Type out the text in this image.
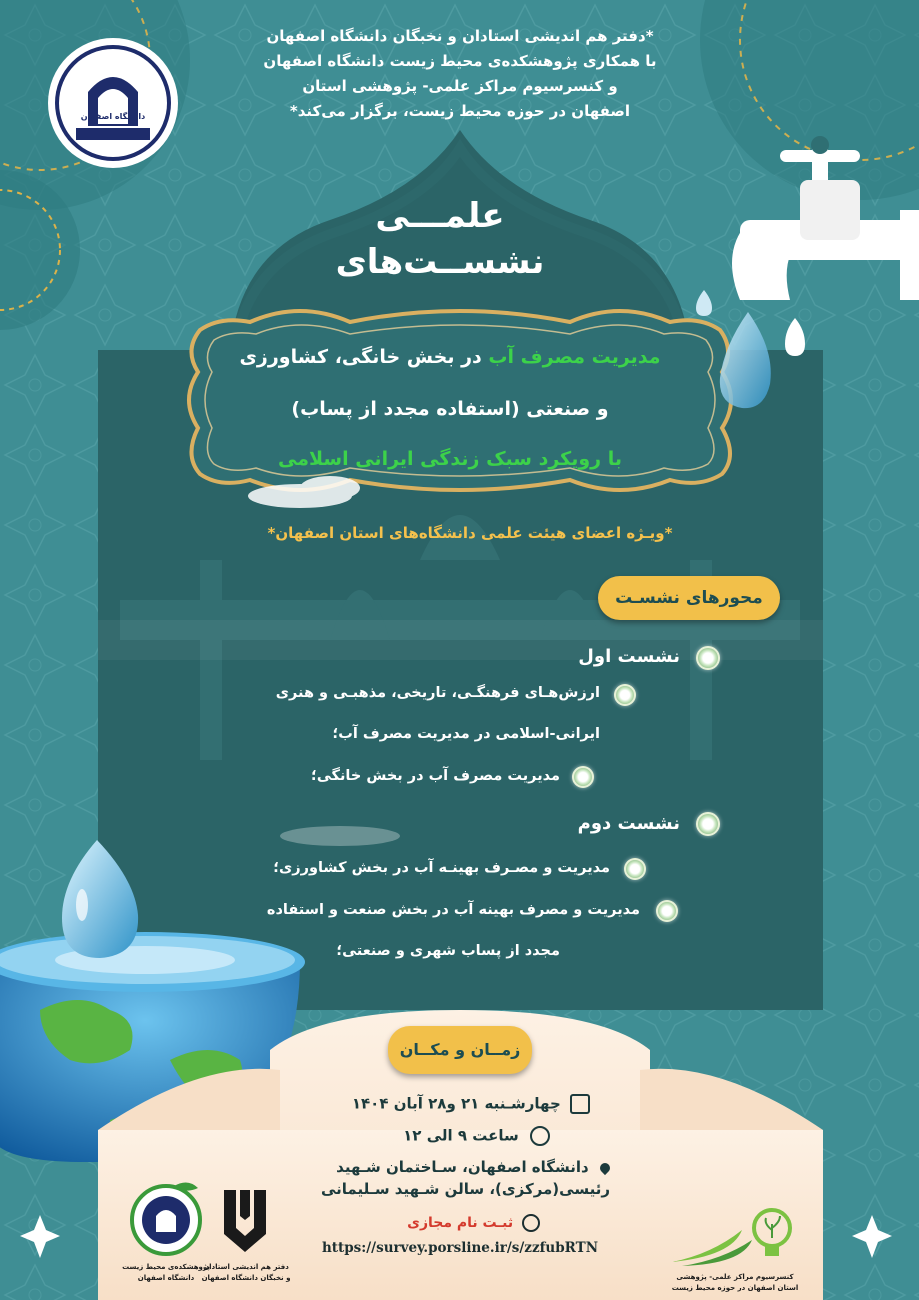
دانشگاه اصفهان
*دفتر هم اندیشی استادان و نخبگان دانشگاه اصفهان
با همکاری پژوهشکده‌ی محیط زیست دانشگاه اصفهان
و کنسرسیوم مراکز علمی- پژوهشی استان
اصفهان در حوزه محیط زیست، برگزار می‌کند*
علمـــی
نشســت‌های
مدیریت مصرف آب در بخش خانگی، کشاورزی
و صنعتی (استفاده مجدد از پساب)
با رویکرد سبک زندگی ایرانی اسلامی
*ویـژه اعضای هیئت علمی دانشگاه‌های استان اصفهان*
محورهای نشسـت
نشست اول
ارزش‌هـای فرهنگـی، تاریخی، مذهبـی و هنری
ایرانی-اسلامی در مدیریت مصرف آب؛
مدیریت مصرف آب در بخش خانگی؛
نشست دوم
مدیریت و مصـرف بهینـه آب در بخش کشاورزی؛
مدیریت و مصرف بهینه آب در بخش صنعت و استفاده
مجدد از پساب شهری و صنعتی؛
زمــان و مکــان
چهارشـنبه ۲۱ و۲۸ آبان ۱۴۰۴
ساعت ۹ الی ۱۲
دانشگاه اصفهان، سـاختمان شـهید
رئیسی(مرکزی)، سالن شـهید سـلیمانی
ثبـت نام مجازی
https://survey.porsline.ir/s/zzfubRTN
پژوهشکده‌ی محیط زیست
دانشگاه اصفهان
دفتر هم اندیشی استادان
و نخبگان دانشگاه اصفهان	کنسرسیوم مراکز علمی- پژوهشی
استان اصفهان در حوزه محیط زیست
